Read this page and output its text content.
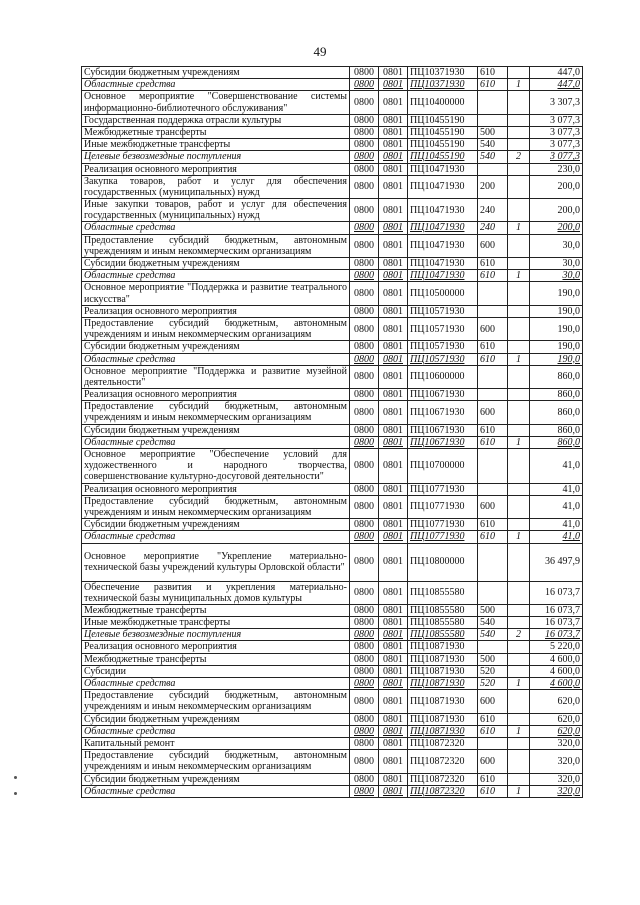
49
Субсидии бюджетным учреждениям	0800	0801	ПЦ10371930	610		447,0
Областные средства	0800	0801	ПЦ10371930	610	1	447,0
Основное мероприятие "Совершенствование системы информационно-библиотечного обслуживания"	0800	0801	ПЦ10400000			3 307,3
Государственная поддержка отрасли культуры	0800	0801	ПЦ10455190			3 077,3
Межбюджетные трансферты	0800	0801	ПЦ10455190	500		3 077,3
Иные межбюджетные трансферты	0800	0801	ПЦ10455190	540		3 077,3
Целевые безвозмездные поступления	0800	0801	ПЦ10455190	540	2	3 077,3
Реализация основного мероприятия	0800	0801	ПЦ10471930			230,0
Закупка товаров, работ и услуг для обеспечения государственных (муниципальных) нужд	0800	0801	ПЦ10471930	200		200,0
Иные закупки товаров, работ и услуг для обеспечения государственных (муниципальных) нужд	0800	0801	ПЦ10471930	240		200,0
Областные средства	0800	0801	ПЦ10471930	240	1	200,0
Предоставление субсидий бюджетным, автономным учреждениям и иным некоммерческим организациям	0800	0801	ПЦ10471930	600		30,0
Субсидии бюджетным учреждениям	0800	0801	ПЦ10471930	610		30,0
Областные средства	0800	0801	ПЦ10471930	610	1	30,0
Основное мероприятие "Поддержка и развитие театрального искусства"	0800	0801	ПЦ10500000			190,0
Реализация основного мероприятия	0800	0801	ПЦ10571930			190,0
Предоставление субсидий бюджетным, автономным учреждениям и иным некоммерческим организациям	0800	0801	ПЦ10571930	600		190,0
Субсидии бюджетным учреждениям	0800	0801	ПЦ10571930	610		190,0
Областные средства	0800	0801	ПЦ10571930	610	1	190,0
Основное мероприятие "Поддержка и развитие музейной деятельности"	0800	0801	ПЦ10600000			860,0
Реализация основного мероприятия	0800	0801	ПЦ10671930			860,0
Предоставление субсидий бюджетным, автономным учреждениям и иным некоммерческим организациям	0800	0801	ПЦ10671930	600		860,0
Субсидии бюджетным учреждениям	0800	0801	ПЦ10671930	610		860,0
Областные средства	0800	0801	ПЦ10671930	610	1	860,0
Основное мероприятие "Обеспечение условий для художественного и народного творчества, совершенствование культурно-досуговой деятельности"	0800	0801	ПЦ10700000			41,0
Реализация основного мероприятия	0800	0801	ПЦ10771930			41,0
Предоставление субсидий бюджетным, автономным учреждениям и иным некоммерческим организациям	0800	0801	ПЦ10771930	600		41,0
Субсидии бюджетным учреждениям	0800	0801	ПЦ10771930	610		41,0
Областные средства	0800	0801	ПЦ10771930	610	1	41,0
Основное мероприятие "Укрепление материально-технической базы учреждений культуры Орловской области"	0800	0801	ПЦ10800000			36 497,9
Обеспечение развития и укрепления материально-технической базы муниципальных домов культуры	0800	0801	ПЦ10855580			16 073,7
Межбюджетные трансферты	0800	0801	ПЦ10855580	500		16 073,7
Иные межбюджетные трансферты	0800	0801	ПЦ10855580	540		16 073,7
Целевые безвозмездные поступления	0800	0801	ПЦ10855580	540	2	16 073,7
Реализация основного мероприятия	0800	0801	ПЦ10871930			5 220,0
Межбюджетные трансферты	0800	0801	ПЦ10871930	500		4 600,0
Субсидии	0800	0801	ПЦ10871930	520		4 600,0
Областные средства	0800	0801	ПЦ10871930	520	1	4 600,0
Предоставление субсидий бюджетным, автономным учреждениям и иным некоммерческим организациям	0800	0801	ПЦ10871930	600		620,0
Субсидии бюджетным учреждениям	0800	0801	ПЦ10871930	610		620,0
Областные средства	0800	0801	ПЦ10871930	610	1	620,0
Капитальный ремонт	0800	0801	ПЦ10872320			320,0
Предоставление субсидий бюджетным, автономным учреждениям и иным некоммерческим организациям	0800	0801	ПЦ10872320	600		320,0
Субсидии бюджетным учреждениям	0800	0801	ПЦ10872320	610		320,0
Областные средства	0800	0801	ПЦ10872320	610	1	320,0
